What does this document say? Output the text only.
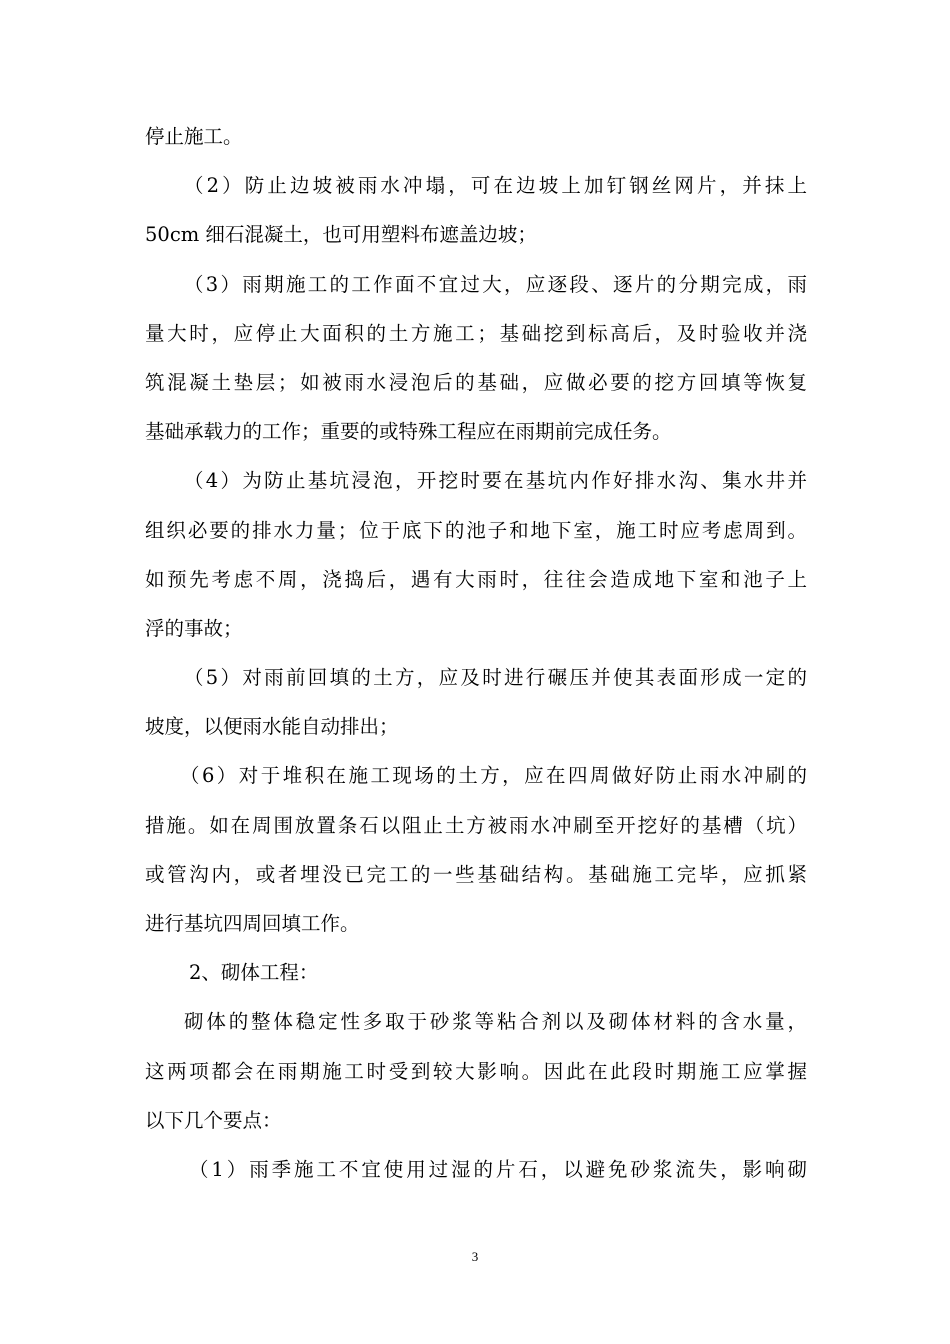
停止施工。
（2）防止边坡被雨水冲塌，可在边坡上加钉钢丝网片，并抹上
50cm 细石混凝土，也可用塑料布遮盖边坡；
（3）雨期施工的工作面不宜过大，应逐段、逐片的分期完成，雨
量大时，应停止大面积的土方施工；基础挖到标高后，及时验收并浇
筑混凝土垫层；如被雨水浸泡后的基础，应做必要的挖方回填等恢复
基础承载力的工作；重要的或特殊工程应在雨期前完成任务。
（4）为防止基坑浸泡，开挖时要在基坑内作好排水沟、集水井并
组织必要的排水力量；位于底下的池子和地下室，施工时应考虑周到。
如预先考虑不周，浇捣后，遇有大雨时，往往会造成地下室和池子上
浮的事故；
（5）对雨前回填的土方，应及时进行碾压并使其表面形成一定的
坡度，以便雨水能自动排出；
（6）对于堆积在施工现场的土方，应在四周做好防止雨水冲刷的
措施。如在周围放置条石以阻止土方被雨水冲刷至开挖好的基槽（坑）
或管沟内，或者埋没已完工的一些基础结构。基础施工完毕，应抓紧
进行基坑四周回填工作。
2、砌体工程：
砌体的整体稳定性多取于砂浆等粘合剂以及砌体材料的含水量，
这两项都会在雨期施工时受到较大影响。因此在此段时期施工应掌握
以下几个要点：
（1）雨季施工不宜使用过湿的片石，以避免砂浆流失，影响砌
3
